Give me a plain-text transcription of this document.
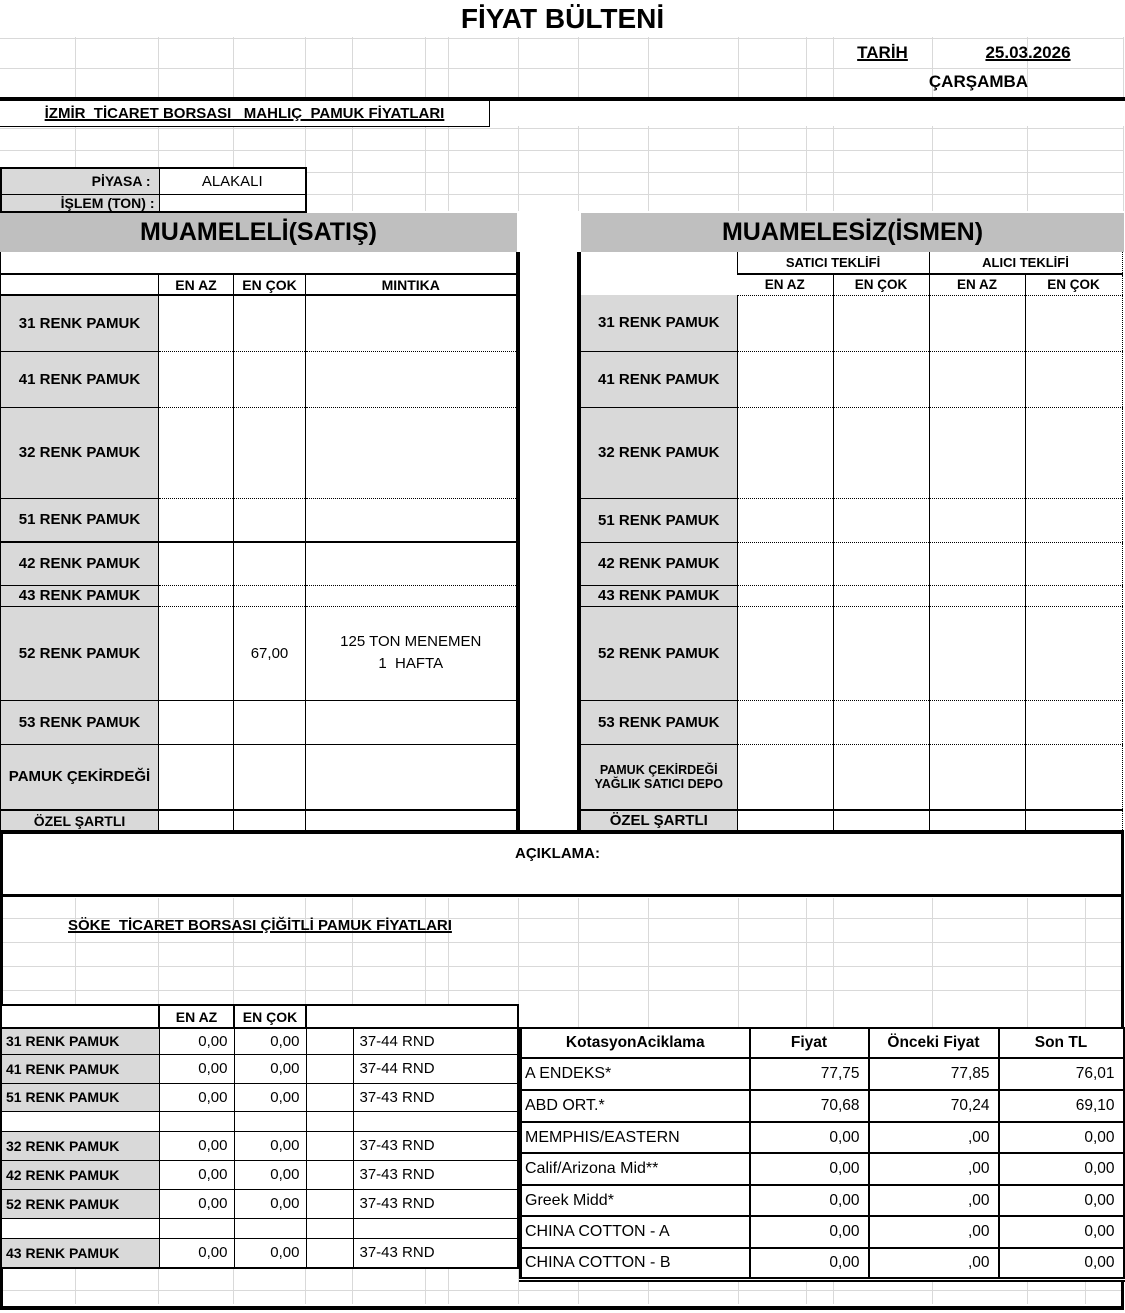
FİYAT BÜLTENİ
TARİH	25.03.2026
ÇARŞAMBA
İZMİR  TİCARET BORSASI   MAHLIÇ  PAMUK FİYATLARI
PİYASA :	ALAKALI
İŞLEM (TON) :	
MUAMELELİ(SATIŞ)	MUAMELESİZ(İSMEN)

	EN AZ	EN ÇOK	MINTIKA
31 RENK PAMUK			

41 RENK PAMUK			

32 RENK PAMUK			

51 RENK PAMUK			

42 RENK PAMUK			

43 RENK PAMUK			

52 RENK PAMUK		67,00	125 TON MENEMEN
1  HAFTA

53 RENK PAMUK			

PAMUK ÇEKİRDEĞİ			

ÖZEL ŞARTLI			
	SATICI TEKLİFİ		ALICI TEKLİFİ	
	EN AZ	EN ÇOK	EN AZ	EN ÇOK
31 RENK PAMUK				
41 RENK PAMUK				
32 RENK PAMUK				
51 RENK PAMUK				
42 RENK PAMUK				
43 RENK PAMUK				
52 RENK PAMUK				
53 RENK PAMUK				

PAMUK ÇEKİRDEĞİ
YAĞLIK SATICI DEPO				

ÖZEL ŞARTLI				
AÇIKLAMA:
SÖKE  TİCARET BORSASI ÇİĞİTLİ PAMUK FİYATLARI
	EN AZ	EN ÇOK		
31 RENK PAMUK	0,00	0,00		37-44 RND
41 RENK PAMUK	0,00	0,00		37-44 RND
51 RENK PAMUK	0,00	0,00		37-43 RND

32 RENK PAMUK	0,00	0,00		37-43 RND
42 RENK PAMUK	0,00	0,00		37-43 RND
52 RENK PAMUK	0,00	0,00		37-43 RND

43 RENK PAMUK	0,00	0,00		37-43 RND
KotasyonAciklama	Fiyat	Önceki Fiyat	Son TL
A ENDEKS*	77,75	77,85	76,01
ABD ORT.*	70,68	70,24	69,10
MEMPHIS/EASTERN	0,00	,00	0,00
Calif/Arizona Mid**	0,00	,00	0,00
Greek Midd*	0,00	,00	0,00
CHINA COTTON - A	0,00	,00	0,00
CHINA COTTON - B	0,00	,00	0,00
